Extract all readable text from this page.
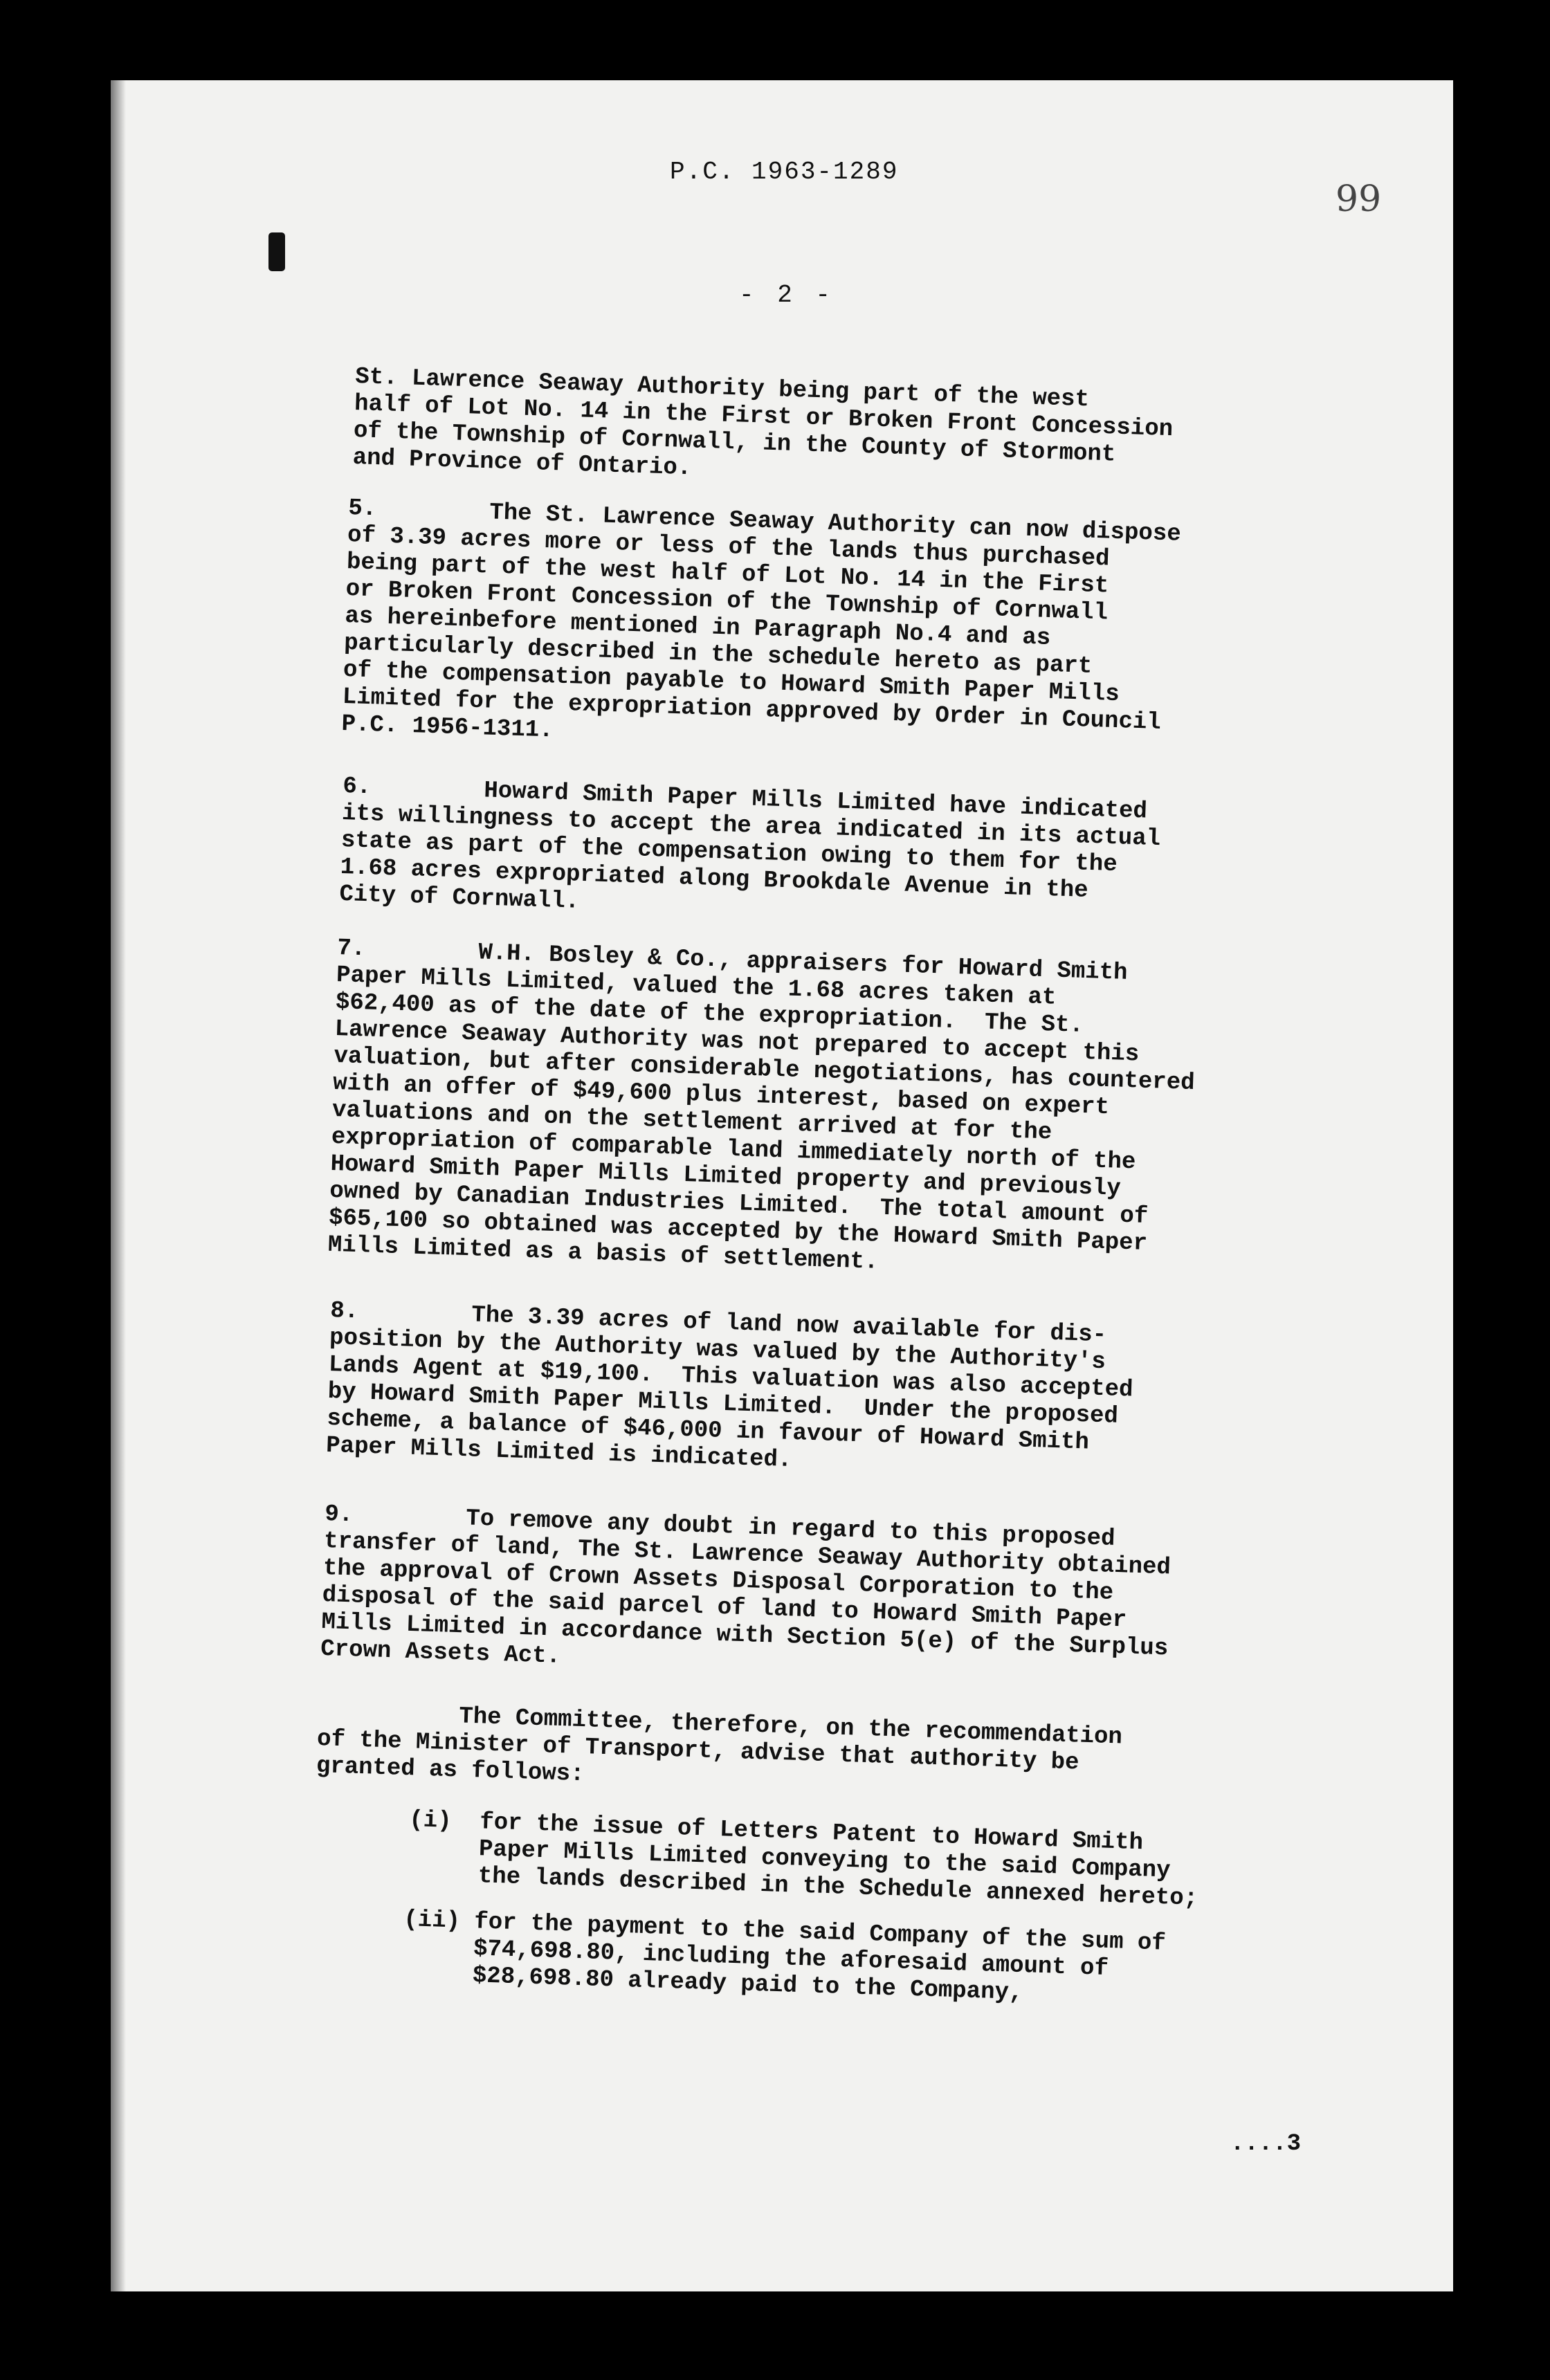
P.C. 1963-1289
99
- 2 -

St. Lawrence Seaway Authority being part of the west
half of Lot No. 14 in the First or Broken Front Concession
of the Township of Cornwall, in the County of Stormont
and Province of Ontario.

5.        The St. Lawrence Seaway Authority can now dispose
of 3.39 acres more or less of the lands thus purchased
being part of the west half of Lot No. 14 in the First
or Broken Front Concession of the Township of Cornwall
as hereinbefore mentioned in Paragraph No.4 and as
particularly described in the schedule hereto as part
of the compensation payable to Howard Smith Paper Mills
Limited for the expropriation approved by Order in Council
P.C. 1956-1311.

6.        Howard Smith Paper Mills Limited have indicated
its willingness to accept the area indicated in its actual
state as part of the compensation owing to them for the
1.68 acres expropriated along Brookdale Avenue in the
City of Cornwall.

7.        W.H. Bosley & Co., appraisers for Howard Smith
Paper Mills Limited, valued the 1.68 acres taken at
$62,400 as of the date of the expropriation.  The St.
Lawrence Seaway Authority was not prepared to accept this
valuation, but after considerable negotiations, has countered
with an offer of $49,600 plus interest, based on expert
valuations and on the settlement arrived at for the
expropriation of comparable land immediately north of the
Howard Smith Paper Mills Limited property and previously
owned by Canadian Industries Limited.  The total amount of
$65,100 so obtained was accepted by the Howard Smith Paper
Mills Limited as a basis of settlement.

8.        The 3.39 acres of land now available for dis-
position by the Authority was valued by the Authority's
Lands Agent at $19,100.  This valuation was also accepted
by Howard Smith Paper Mills Limited.  Under the proposed
scheme, a balance of $46,000 in favour of Howard Smith
Paper Mills Limited is indicated.

9.        To remove any doubt in regard to this proposed
transfer of land, The St. Lawrence Seaway Authority obtained
the approval of Crown Assets Disposal Corporation to the
disposal of the said parcel of land to Howard Smith Paper
Mills Limited in accordance with Section 5(e) of the Surplus
Crown Assets Act.

The Committee, therefore, on the recommendation
of the Minister of Transport, advise that authority be
granted as follows:

(i)  for the issue of Letters Patent to Howard Smith
Paper Mills Limited conveying to the said Company
the lands described in the Schedule annexed hereto;

(ii) for the payment to the said Company of the sum of
$74,698.80, including the aforesaid amount of
$28,698.80 already paid to the Company,

....3
